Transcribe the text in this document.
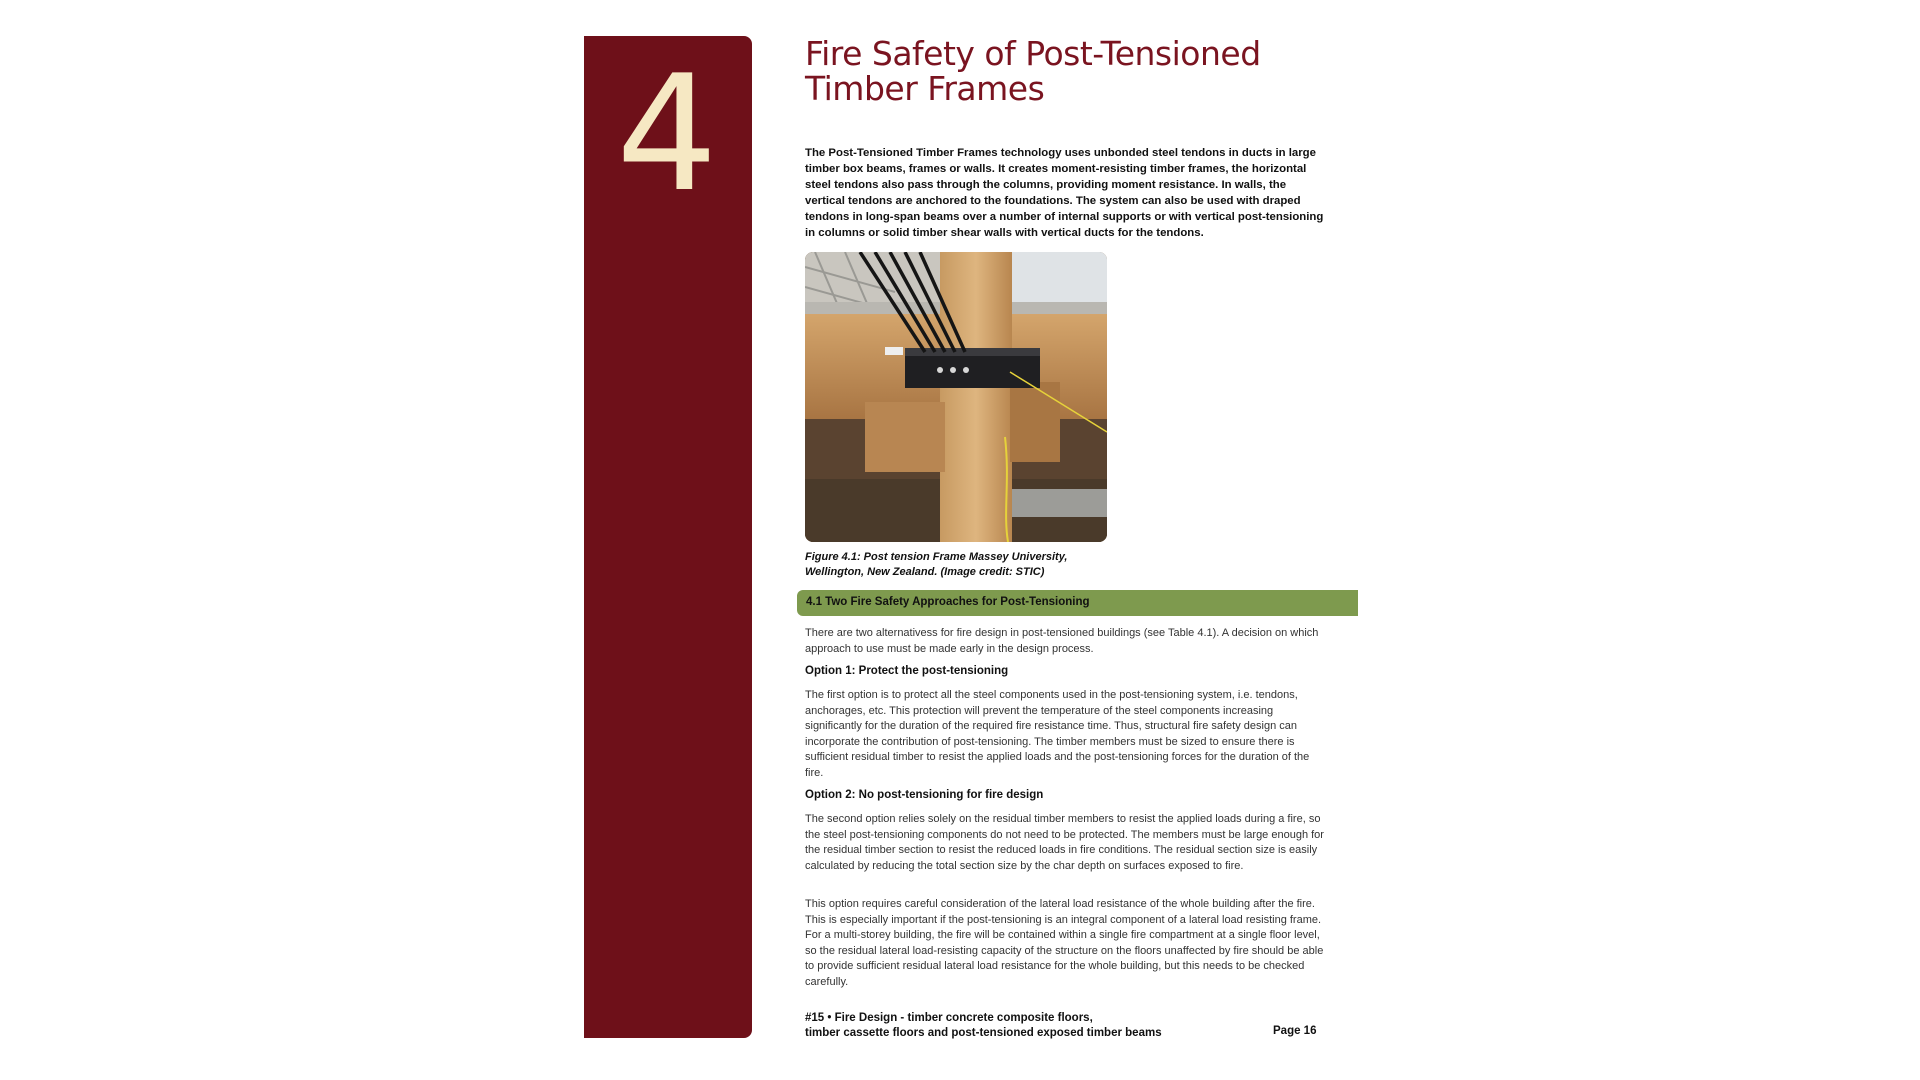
4	Fire Safety of Post-Tensioned
Timber Frames

The Post-Tensioned Timber Frames technology uses unbonded steel tendons in ducts in large timber box beams, frames or walls. It creates moment-resisting timber frames, the horizontal steel tendons also pass through the columns, providing moment resistance. In walls, the vertical tendons are anchored to the foundations. The system can also be used with draped tendons in long-span beams over a number of internal supports or with vertical post-tensioning in columns or solid timber shear walls with vertical ducts for the tendons.

Figure 4.1: Post tension Frame Massey University,
Wellington, New Zealand. (Image credit: STIC)

4.1 Two Fire Safety Approaches for Post-Tensioning

There are two alternativess for fire design in post-tensioned buildings (see Table 4.1). A decision on which approach to use must be made early in the design process.

Option 1: Protect the post-tensioning

The first option is to protect all the steel components used in the post-tensioning system, i.e. tendons, anchorages, etc. This protection will prevent the temperature of the steel components increasing significantly for the duration of the required fire resistance time. Thus, structural fire safety design can incorporate the contribution of post-tensioning. The timber members must be sized to ensure there is sufficient residual timber to resist the applied loads and the post-tensioning forces for the duration of the fire.

Option 2: No post-tensioning for fire design

The second option relies solely on the residual timber members to resist the applied loads during a fire, so the steel post-tensioning components do not need to be protected. The members must be large enough for the residual timber section to resist the reduced loads in fire conditions. The residual section size is easily calculated by reducing the total section size by the char depth on surfaces exposed to fire.

This option requires careful consideration of the lateral load resistance of the whole building after the fire. This is especially important if the post-tensioning is an integral component of a lateral load resisting frame. For a multi-storey building, the fire will be contained within a single fire compartment at a single floor level, so the residual lateral load-resisting capacity of the structure on the floors unaffected by fire should be able to provide sufficient residual lateral load resistance for the whole building, but this needs to be checked carefully.

#15 • Fire Design - timber concrete composite floors,
timber cassette floors and post-tensioned exposed timber beams	Page 16
